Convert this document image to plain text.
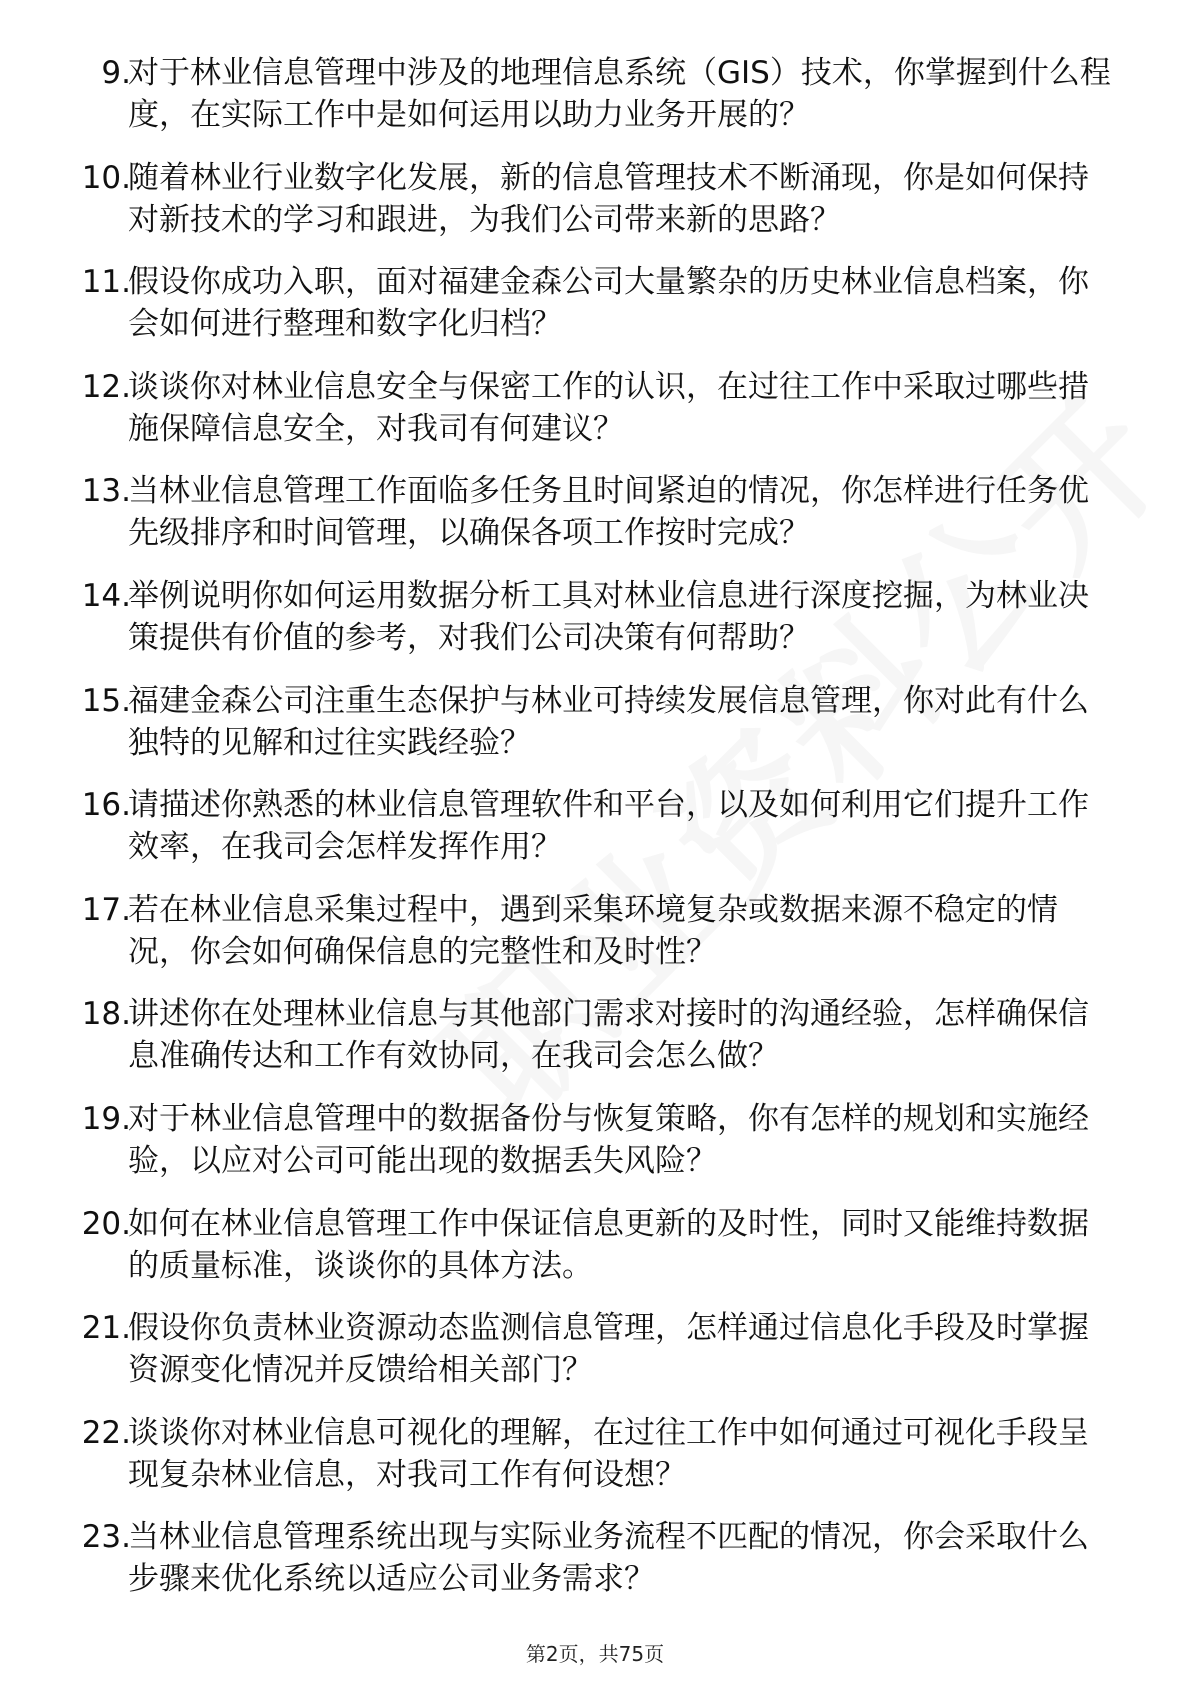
9.
对于林业信息管理中涉及的地理信息系统（GIS）技术，你掌握到什么程度，在实际工作中是如何运用以助力业务开展的？
10.
随着林业行业数字化发展，新的信息管理技术不断涌现，你是如何保持对新技术的学习和跟进，为我们公司带来新的思路？
11.
假设你成功入职，面对福建金森公司大量繁杂的历史林业信息档案，你会如何进行整理和数字化归档？
12.
谈谈你对林业信息安全与保密工作的认识，在过往工作中采取过哪些措施保障信息安全，对我司有何建议？
13.
当林业信息管理工作面临多任务且时间紧迫的情况，你怎样进行任务优先级排序和时间管理，以确保各项工作按时完成？
14.
举例说明你如何运用数据分析工具对林业信息进行深度挖掘，为林业决策提供有价值的参考，对我们公司决策有何帮助？
15.
福建金森公司注重生态保护与林业可持续发展信息管理，你对此有什么独特的见解和过往实践经验？
16.
请描述你熟悉的林业信息管理软件和平台，以及如何利用它们提升工作效率，在我司会怎样发挥作用？
17.
若在林业信息采集过程中，遇到采集环境复杂或数据来源不稳定的情况，你会如何确保信息的完整性和及时性？
18.
讲述你在处理林业信息与其他部门需求对接时的沟通经验，怎样确保信息准确传达和工作有效协同，在我司会怎么做？
19.
对于林业信息管理中的数据备份与恢复策略，你有怎样的规划和实施经验，以应对公司可能出现的数据丢失风险？
20.
如何在林业信息管理工作中保证信息更新的及时性，同时又能维持数据的质量标准，谈谈你的具体方法。
21.
假设你负责林业资源动态监测信息管理，怎样通过信息化手段及时掌握资源变化情况并反馈给相关部门？
22.
谈谈你对林业信息可视化的理解，在过往工作中如何通过可视化手段呈现复杂林业信息，对我司工作有何设想？
23.
当林业信息管理系统出现与实际业务流程不匹配的情况，你会采取什么步骤来优化系统以适应公司业务需求？
第2页，共75页
